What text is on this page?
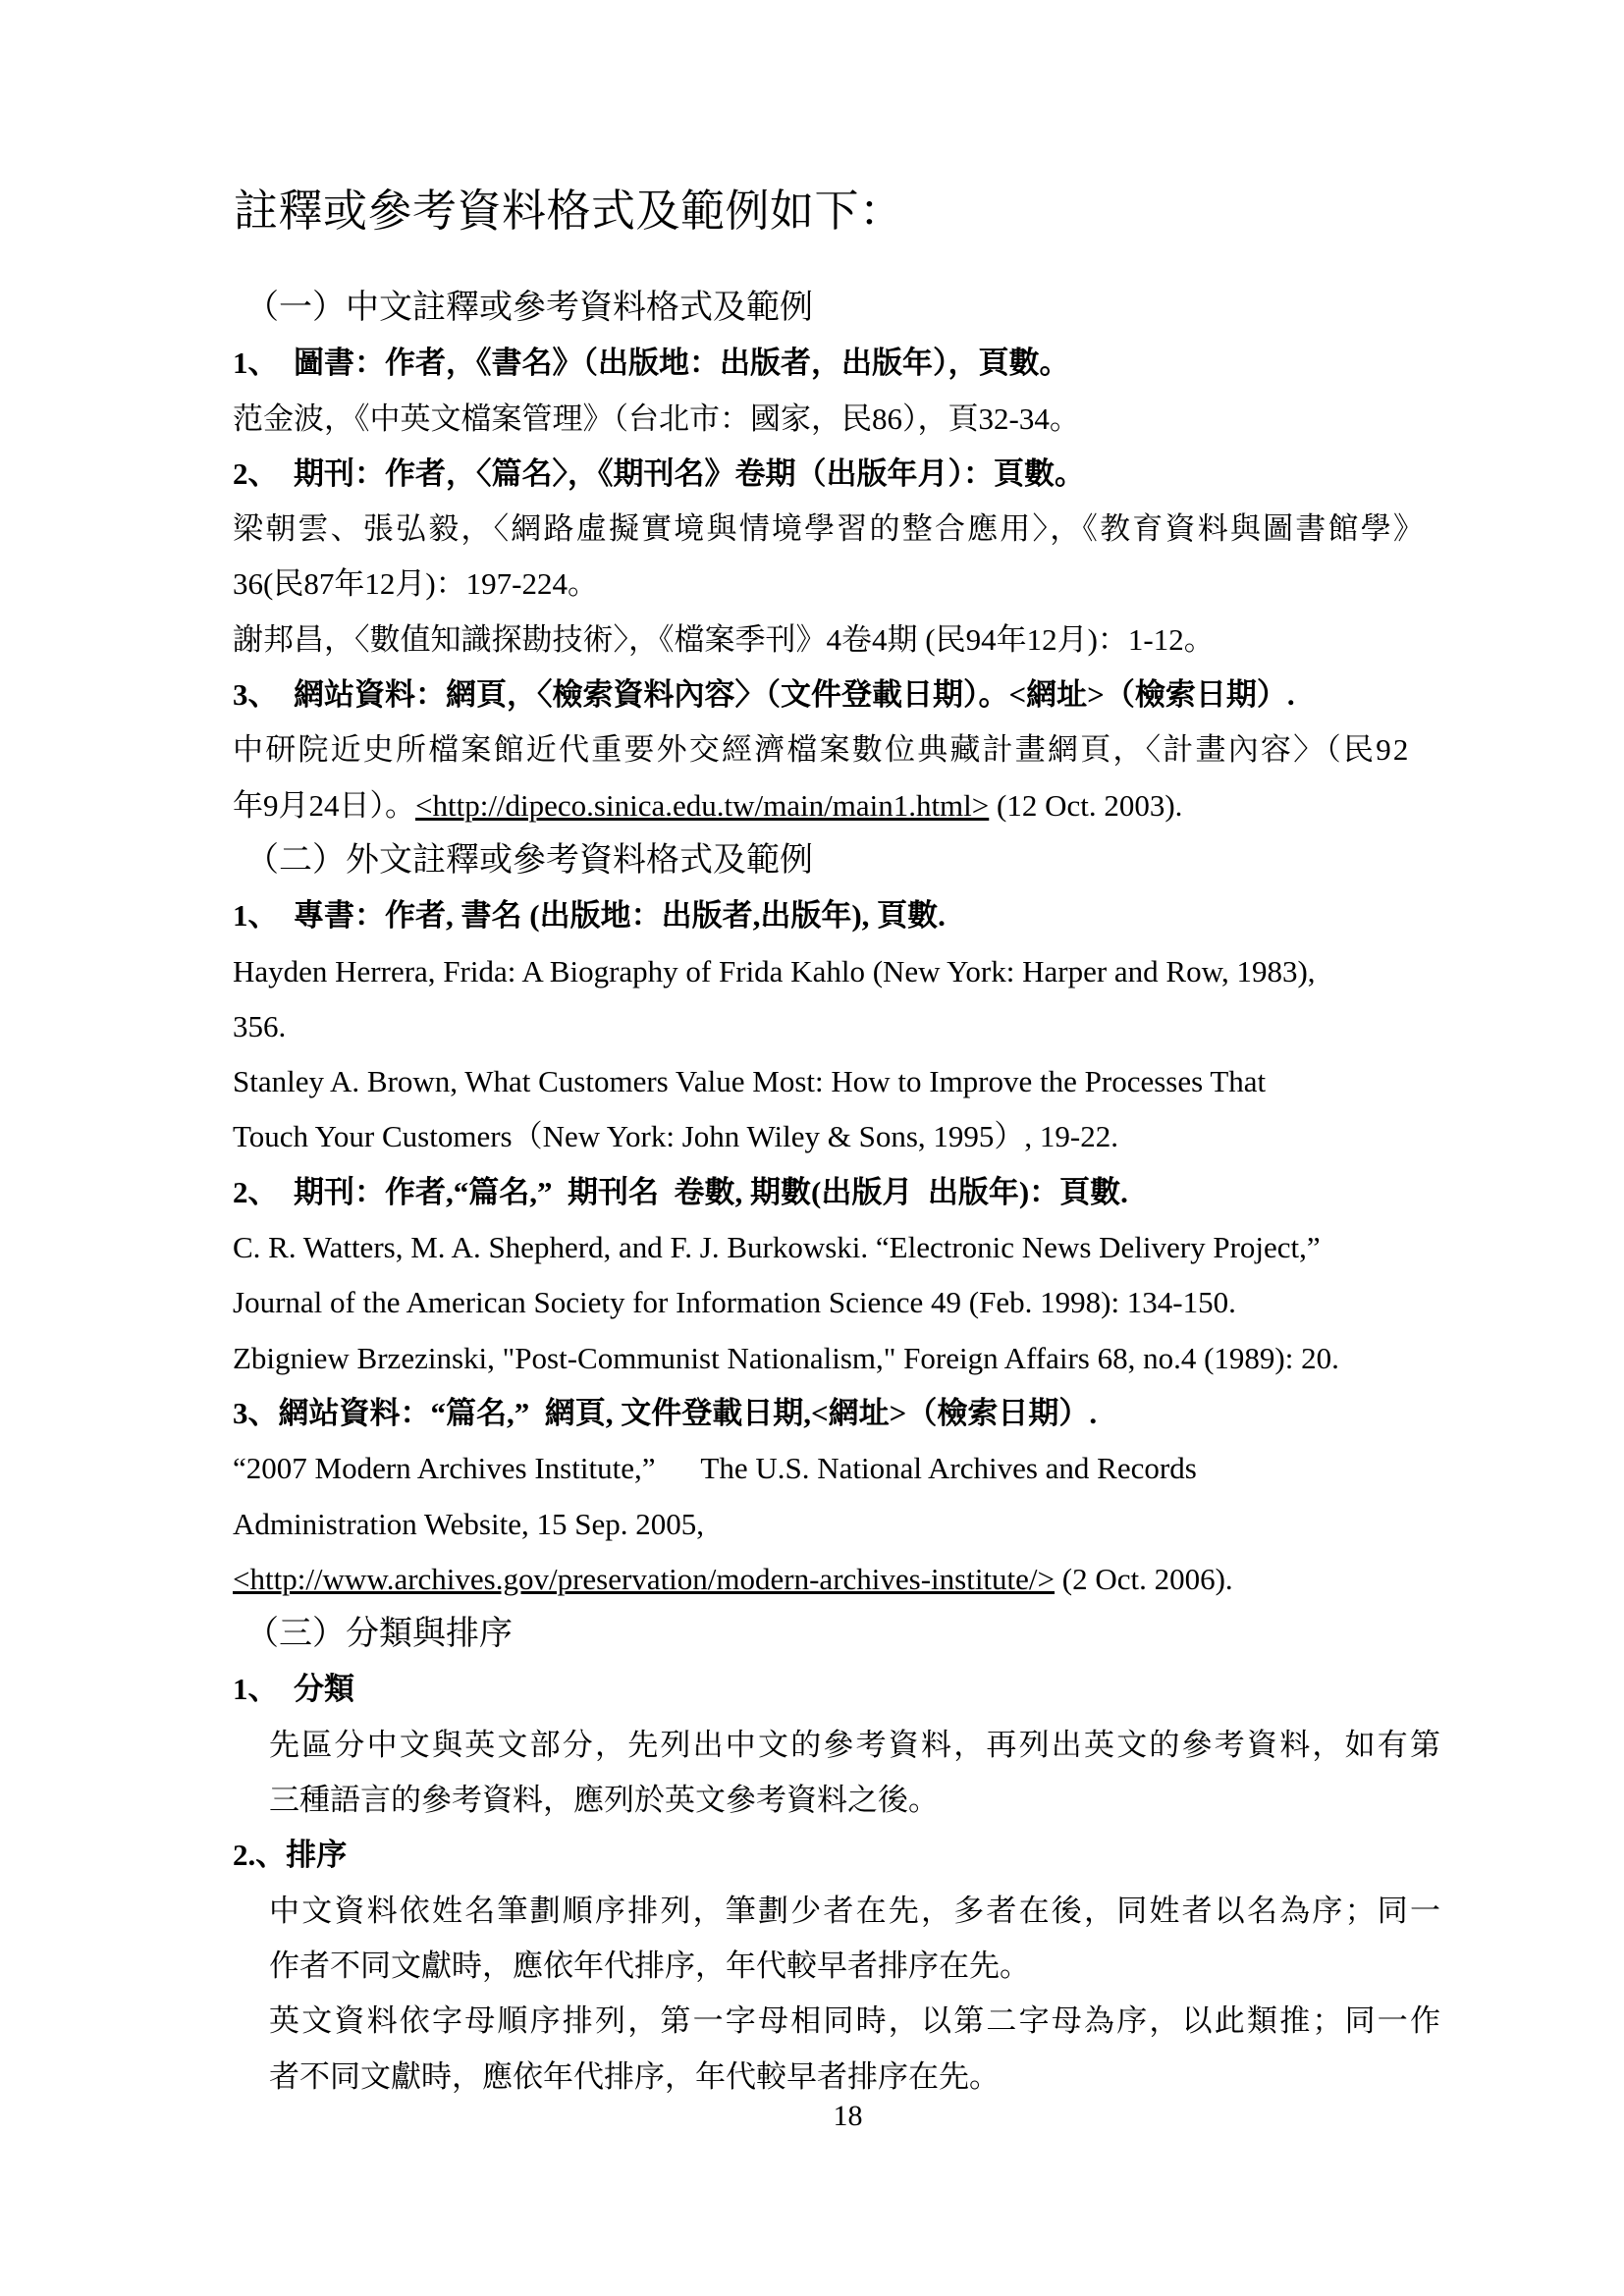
註釋或參考資料格式及範例如下：
（一）中文註釋或參考資料格式及範例
1、　圖書：作者，《書名》（出版地：出版者，出版年），頁數。
范金波，《中英文檔案管理》（台北市：國家，民86），頁32-34。
2、　期刊：作者，〈篇名〉，《期刊名》卷期（出版年月）：頁數。
梁朝雲、張弘毅，〈網路虛擬實境與情境學習的整合應用〉，《教育資料與圖書館學》
36(民87年12月)：197-224。
謝邦昌，〈數值知識探勘技術〉，《檔案季刊》4卷4期 (民94年12月)：1-12。
3、　網站資料：網頁，〈檢索資料內容〉（文件登載日期）。<網址>（檢索日期）.
中研院近史所檔案館近代重要外交經濟檔案數位典藏計畫網頁，〈計畫內容〉（民92
年9月24日）。<http://dipeco.sinica.edu.tw/main/main1.html> (12 Oct. 2003).
（二）外文註釋或參考資料格式及範例
1、　專書：作者, 書名 (出版地：出版者,出版年), 頁數.
Hayden Herrera, Frida: A Biography of Frida Kahlo (New York: Harper and Row, 1983),
356.
Stanley A. Brown, What Customers Value Most: How to Improve the Processes That
Touch Your Customers（New York: John Wiley & Sons, 1995）, 19-22.
2、　期刊：作者,“篇名,”  期刊名  卷數, 期數(出版月  出版年)：頁數.
C. R. Watters, M. A. Shepherd, and F. J. Burkowski. “Electronic News Delivery Project,”
Journal of the American Society for Information Science 49 (Feb. 1998): 134-150.
Zbigniew Brzezinski, "Post-Communist Nationalism," Foreign Affairs 68, no.4 (1989): 20.
3、網站資料：“篇名,”  網頁, 文件登載日期,<網址>（檢索日期）.
“2007 Modern Archives Institute,”　  The U.S. National Archives and Records
Administration Website, 15 Sep. 2005,
<http://www.archives.gov/preservation/modern-archives-institute/> (2 Oct. 2006).
（三）分類與排序
1、　分類
先區分中文與英文部分，先列出中文的參考資料，再列出英文的參考資料，如有第
三種語言的參考資料，應列於英文參考資料之後。
2.、排序
中文資料依姓名筆劃順序排列，筆劃少者在先，多者在後，同姓者以名為序；同一
作者不同文獻時，應依年代排序，年代較早者排序在先。
英文資料依字母順序排列，第一字母相同時，以第二字母為序，以此類推；同一作
者不同文獻時，應依年代排序，年代較早者排序在先。
18
